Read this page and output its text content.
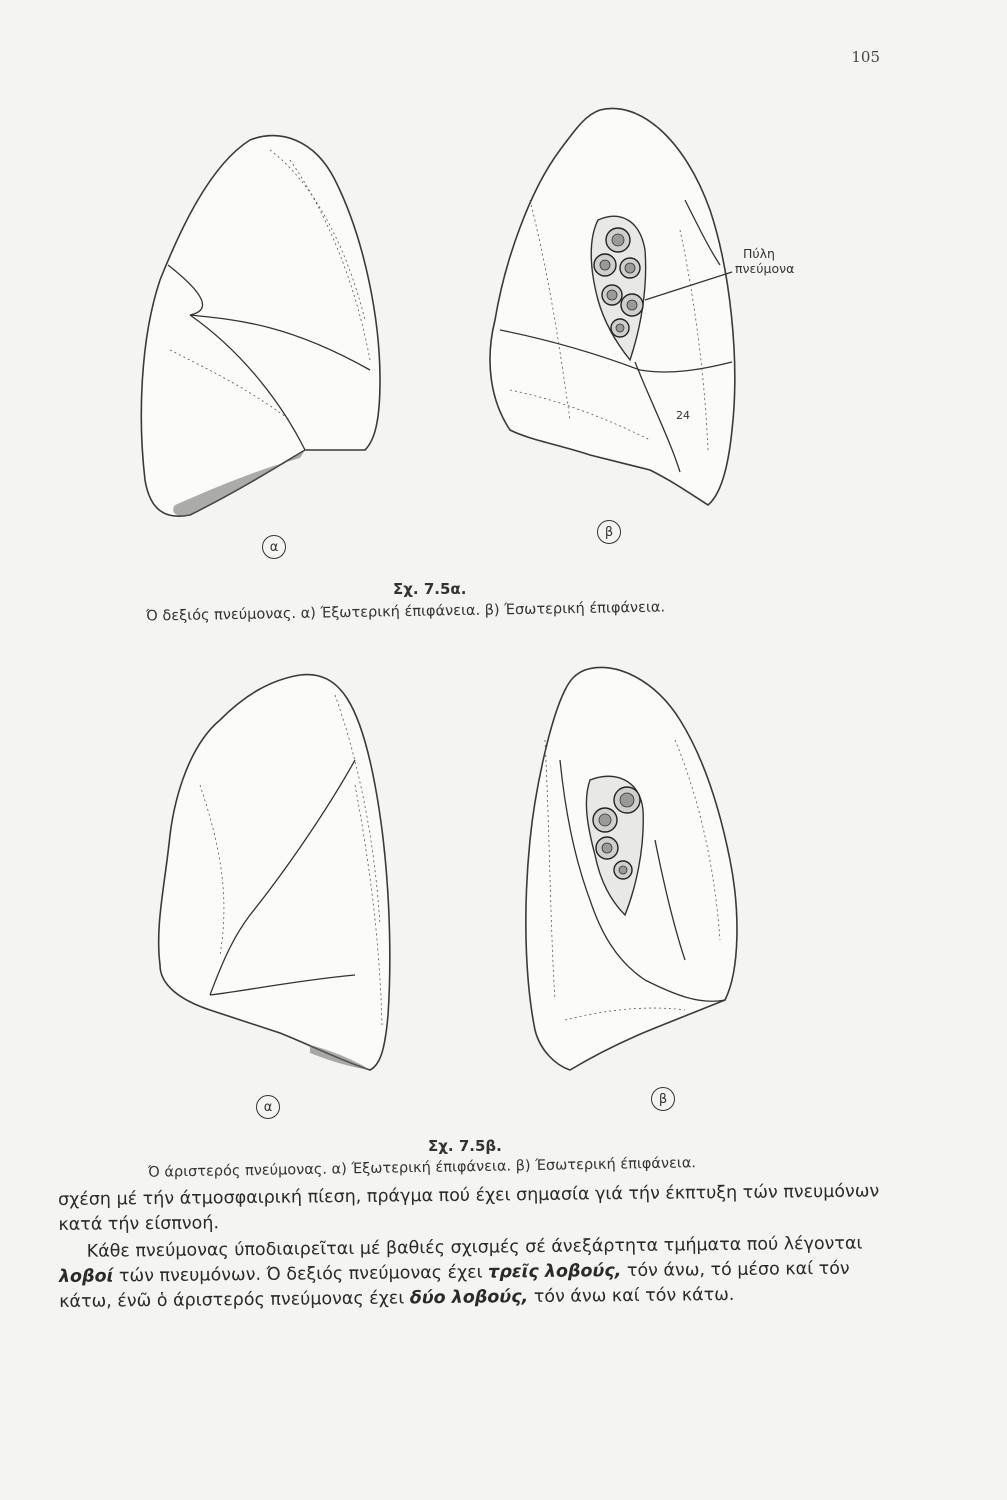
105
α
Πύλη
πνεύμονα
24
β
Σχ. 7.5α.
Ό δεξιός πνεύμονας. α) Έξωτερική έπιφάνεια. β) Έσωτερική έπιφάνεια.
α
β
Σχ. 7.5β.
Ό άριστερός πνεύμονας. α) Έξωτερική έπιφάνεια. β) Έσωτερική έπιφάνεια.

σχέση μέ τήν άτμοσφαιρική πίεση, πράγμα πού έχει σημασία γιά τήν έκπτυξη τών πνευμόνων κατά τήν είσπνοή.

Κάθε πνεύμονας ύποδιαιρεῖται μέ βαθιές σχισμές σέ άνεξάρτητα τμήματα πού λέγονται λοβοί τών πνευμόνων. Ό δεξιός πνεύμονας έχει τρεῖς λοβούς, τόν άνω, τό μέσο καί τόν κάτω, ένῶ ὁ άριστερός πνεύμονας έχει δύο λοβούς, τόν άνω καί τόν κάτω.
